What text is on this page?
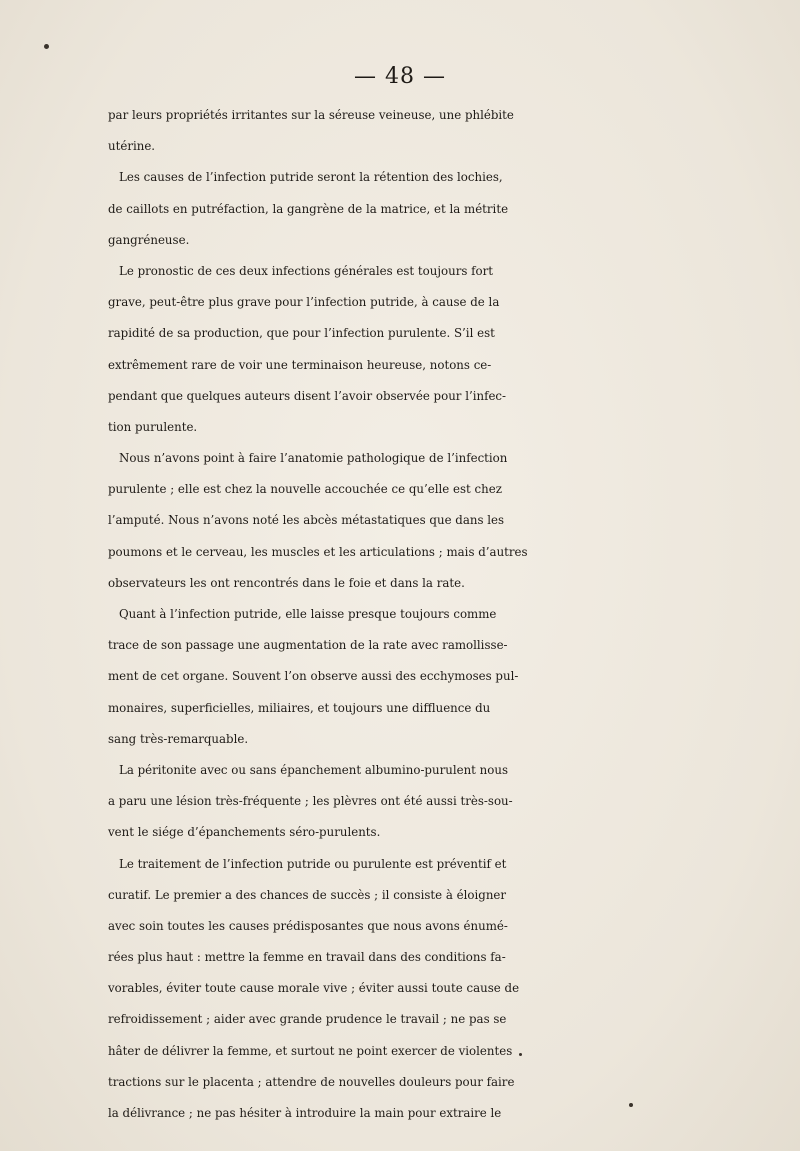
— 48 —
par leurs propriétés irritantes sur la séreuse veineuse, une phlébite
utérine.
Les causes de l’infection putride seront la rétention des lochies,
de caillots en putréfaction, la gangrène de la matrice, et la métrite
gangréneuse.
Le pronostic de ces deux infections générales est toujours fort
grave, peut-être plus grave pour l’infection putride, à cause de la
rapidité de sa production, que pour l’infection purulente. S’il est
extrêmement rare de voir une terminaison heureuse, notons ce-
pendant que quelques auteurs disent l’avoir observée pour l’infec-
tion purulente.
Nous n’avons point à faire l’anatomie pathologique de l’infection
purulente ; elle est chez la nouvelle accouchée ce qu’elle est chez
l’amputé. Nous n’avons noté les abcès métastatiques que dans les
poumons et le cerveau, les muscles et les articulations ; mais d’autres
observateurs les ont rencontrés dans le foie et dans la rate.
Quant à l’infection putride, elle laisse presque toujours comme
trace de son passage une augmentation de la rate avec ramollisse-
ment de cet organe. Souvent l’on observe aussi des ecchymoses pul-
monaires, superficielles, miliaires, et toujours une diffluence du
sang très-remarquable.
La péritonite avec ou sans épanchement albumino-purulent nous
a paru une lésion très-fréquente ; les plèvres ont été aussi très-sou-
vent le siége d’épanchements séro-purulents.
Le traitement de l’infection putride ou purulente est préventif et
curatif. Le premier a des chances de succès ; il consiste à éloigner
avec soin toutes les causes prédisposantes que nous avons énumé-
rées plus haut : mettre la femme en travail dans des conditions fa-
vorables, éviter toute cause morale vive ; éviter aussi toute cause de
refroidissement ; aider avec grande prudence le travail ; ne pas se
hâter de délivrer la femme, et surtout ne point exercer de violentes
tractions sur le placenta ; attendre de nouvelles douleurs pour faire
la délivrance ; ne pas hésiter à introduire la main pour extraire le
